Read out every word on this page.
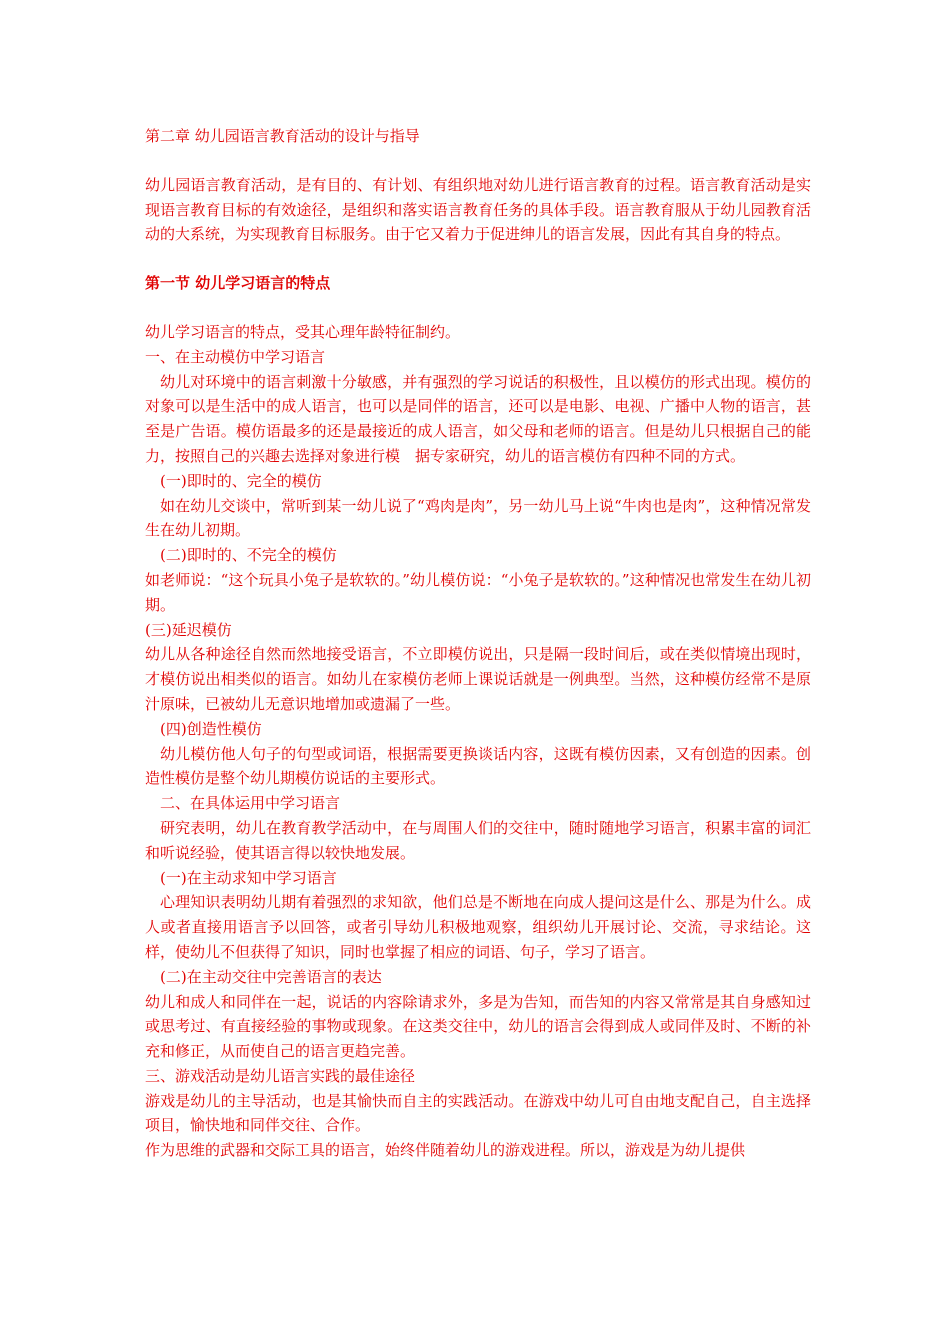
第二章 幼儿园语言教育活动的设计与指导

幼儿园语言教育活动，是有目的、有计划、有组织地对幼儿进行语言教育的过程。语言教育活动是实现语言教育目标的有效途径，是组织和落实语言教育任务的具体手段。语言教育服从于幼儿园教育活动的大系统，为实现教育目标服务。由于它又着力于促进绅儿的语言发展，因此有其自身的特点。

第一节 幼儿学习语言的特点

幼儿学习语言的特点，受其心理年龄特征制约。

一、在主动模仿中学习语言

幼儿对环境中的语言刺激十分敏感，并有强烈的学习说话的积极性，且以模仿的形式出现。模仿的对象可以是生活中的成人语言，也可以是同伴的语言，还可以是电影、电视、广播中人物的语言，甚至是广告语。模仿语最多的还是最接近的成人语言，如父母和老师的语言。但是幼儿只根据自己的能力，按照自己的兴趣去选择对象进行模　据专家研究，幼儿的语言模仿有四种不同的方式。

(一)即时的、完全的模仿

如在幼儿交谈中，常听到某一幼儿说了“鸡肉是肉”，另一幼儿马上说“牛肉也是肉”，这种情况常发生在幼儿初期。

(二)即时的、不完全的模仿

如老师说：“这个玩具小兔子是软软的。”幼儿模仿说：“小兔子是软软的。”这种情况也常发生在幼儿初期。

(三)延迟模仿

幼儿从各种途径自然而然地接受语言，不立即模仿说出，只是隔一段时间后，或在类似情境出现时，才模仿说出相类似的语言。如幼儿在家模仿老师上课说话就是一例典型。当然，这种模仿经常不是原汁原味，已被幼儿无意识地增加或遗漏了一些。

(四)创造性模仿

幼儿模仿他人句子的句型或词语，根据需要更换谈话内容，这既有模仿因素，又有创造的因素。创造性模仿是整个幼儿期模仿说话的主要形式。

二、在具体运用中学习语言

研究表明，幼儿在教育教学活动中，在与周围人们的交往中，随时随地学习语言，积累丰富的词汇和听说经验，使其语言得以较快地发展。

(一)在主动求知中学习语言

心理知识表明幼儿期有着强烈的求知欲，他们总是不断地在向成人提问这是什么、那是为什么。成人或者直接用语言予以回答，或者引导幼儿积极地观察，组织幼儿开展讨论、交流，寻求结论。这样，使幼儿不但获得了知识，同时也掌握了相应的词语、句子，学习了语言。

(二)在主动交往中完善语言的表达

幼儿和成人和同伴在一起，说话的内容除请求外，多是为告知，而告知的内容又常常是其自身感知过或思考过、有直接经验的事物或现象。在这类交往中，幼儿的语言会得到成人或同伴及时、不断的补充和修正，从而使自己的语言更趋完善。

三、游戏活动是幼儿语言实践的最佳途径

游戏是幼儿的主导活动，也是其愉快而自主的实践活动。在游戏中幼儿可自由地支配自己，自主选择项目，愉快地和同伴交往、合作。

作为思维的武器和交际工具的语言，始终伴随着幼儿的游戏进程。所以，游戏是为幼儿提供
